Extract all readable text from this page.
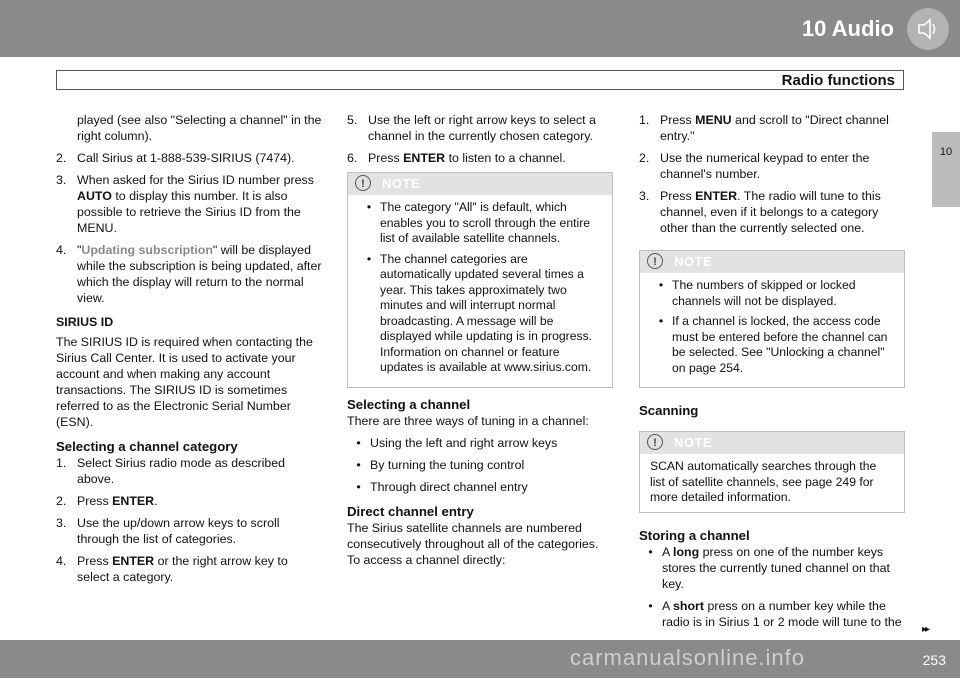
10 Audio
Radio functions
10
played (see also "Selecting a channel" in the right column).
2. Call Sirius at 1-888-539-SIRIUS (7474).
3. When asked for the Sirius ID number press AUTO to display this number. It is also possible to retrieve the Sirius ID from the MENU.
4. "Updating subscription" will be displayed while the subscription is being updated, after which the display will return to the normal view.
SIRIUS ID
The SIRIUS ID is required when contacting the Sirius Call Center. It is used to activate your account and when making any account transactions. The SIRIUS ID is sometimes referred to as the Electronic Serial Number (ESN).
Selecting a channel category
1. Select Sirius radio mode as described above.
2. Press ENTER.
3. Use the up/down arrow keys to scroll through the list of categories.
4. Press ENTER or the right arrow key to select a category.
5. Use the left or right arrow keys to select a channel in the currently chosen category.
6. Press ENTER to listen to a channel.
!	NOTE
• The category "All" is default, which enables you to scroll through the entire list of available satellite channels.
• The channel categories are automatically updated several times a year. This takes approximately two minutes and will interrupt normal broadcasting. A message will be displayed while updating is in progress. Information on channel or feature updates is available at www.sirius.com.
Selecting a channel
There are three ways of tuning in a channel:
• Using the left and right arrow keys
• By turning the tuning control
• Through direct channel entry
Direct channel entry
The Sirius satellite channels are numbered consecutively throughout all of the categories. To access a channel directly:
1. Press MENU and scroll to "Direct channel entry."
2. Use the numerical keypad to enter the channel's number.
3. Press ENTER. The radio will tune to this channel, even if it belongs to a category other than the currently selected one.
!	NOTE
• The numbers of skipped or locked channels will not be displayed.
• If a channel is locked, the access code must be entered before the channel can be selected. See "Unlocking a channel" on page 254.
Scanning
!	NOTE
SCAN automatically searches through the list of satellite channels, see page 249 for more detailed information.
Storing a channel
• A long press on one of the number keys stores the currently tuned channel on that key.
• A short press on a number key while the radio is in Sirius 1 or 2 mode will tune to the
▸▸
carmanualsonline.info	253
